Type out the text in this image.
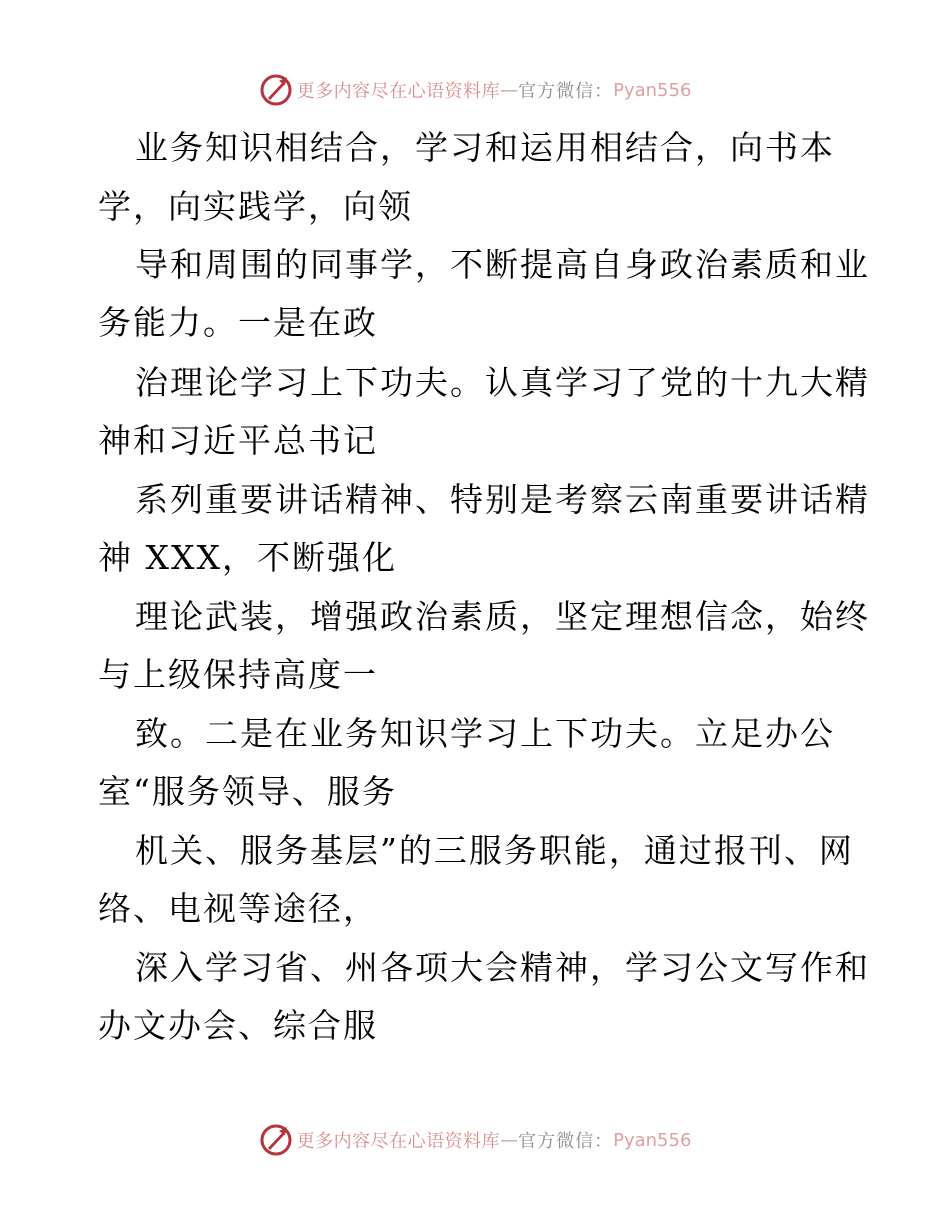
更多内容尽在心语资料库 — 官方微信： Pyan556
业务知识相结合，学习和运用相结合，向书本
学，向实践学，向领
导和周围的同事学，不断提高自身政治素质和业
务能力。一是在政
治理论学习上下功夫。认真学习了党的十九大精
神和习近平总书记
系列重要讲话精神、特别是考察云南重要讲话精
神 XXX，不断强化
理论武装，增强政治素质，坚定理想信念，始终
与上级保持高度一
致。二是在业务知识学习上下功夫。立足办公
室“服务领导、服务
机关、服务基层”的三服务职能，通过报刊、网
络、电视等途径，
深入学习省、州各项大会精神，学习公文写作和
办文办会、综合服
更多内容尽在心语资料库 — 官方微信： Pyan556
